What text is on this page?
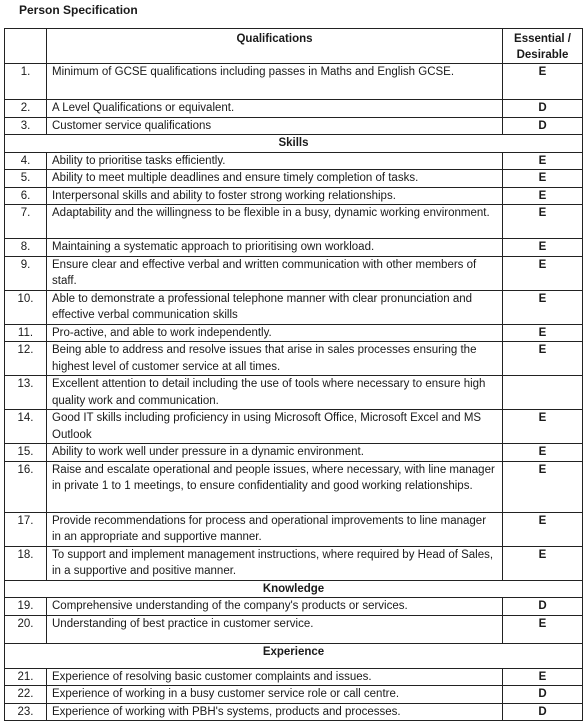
Person Specification
	Qualifications	Essential / Desirable
1.	Minimum of GCSE qualifications including passes in Maths and English GCSE.	E
2.	A Level Qualifications or equivalent.	D
3.	Customer service qualifications	D
Skills		
4.	Ability to prioritise tasks efficiently.	E
5.	Ability to meet multiple deadlines and ensure timely completion of tasks.	E
6.	Interpersonal skills and ability to foster strong working relationships.	E
7.	Adaptability and the willingness to be flexible in a busy, dynamic working environment.	E
8.	Maintaining a systematic approach to prioritising own workload.	E
9.	Ensure clear and effective verbal and written communication with other members of staff.	E
10.	Able to demonstrate a professional telephone manner with clear pronunciation and effective verbal communication skills	E
11.	Pro-active, and able to work independently.	E
12.	Being able to address and resolve issues that arise in sales processes ensuring the highest level of customer service at all times.	E
13.	Excellent attention to detail including the use of tools where necessary to ensure high quality work and communication.	
14.	Good IT skills including proficiency in using Microsoft Office, Microsoft Excel and MS Outlook	E
15.	Ability to work well under pressure in a dynamic environment.	E
16.	Raise and escalate operational and people issues, where necessary, with line manager in private 1 to 1 meetings, to ensure confidentiality and good working relationships.	E
17.	Provide recommendations for process and operational improvements to line manager in an appropriate and supportive manner.	E
18.	To support and implement management instructions, where required by Head of Sales, in a supportive and positive manner.	E
Knowledge		
19.	Comprehensive understanding of the company's products or services.	D
20.	Understanding of best practice in customer service.	E
Experience		
21.	Experience of resolving basic customer complaints and issues.	E
22.	Experience of working in a busy customer service role or call centre.	D
23.	Experience of working with PBH's systems, products and processes.	D
